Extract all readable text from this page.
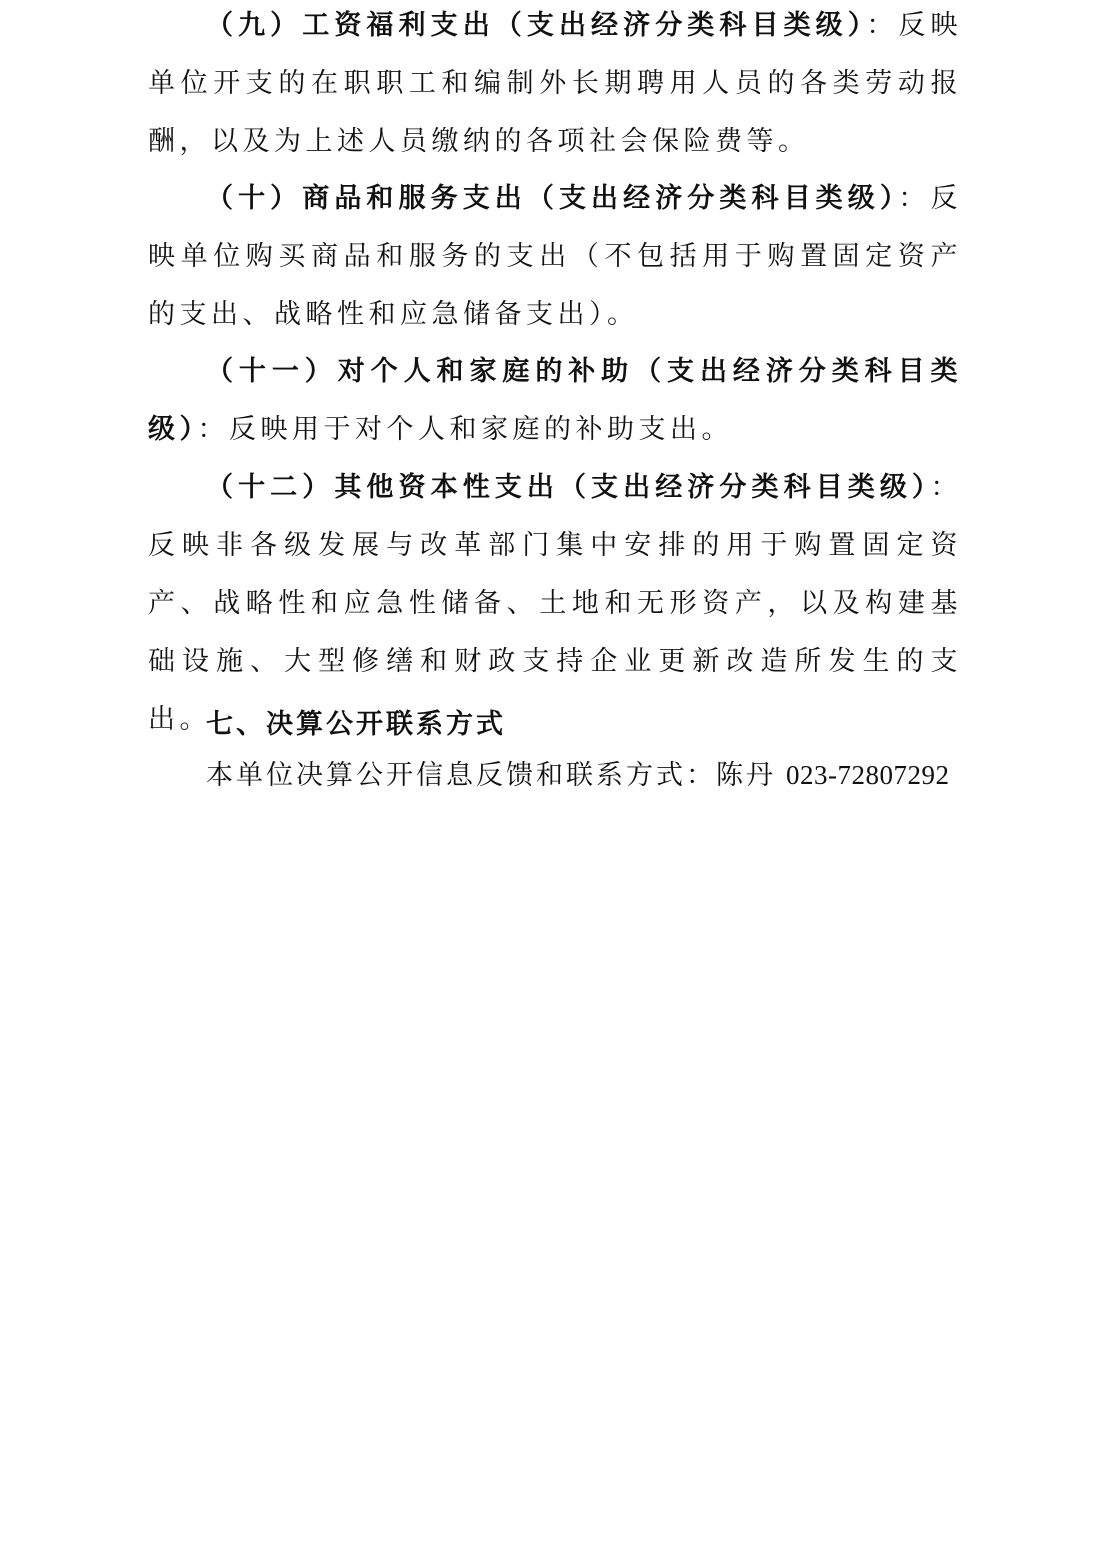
（九）工资福利支出（支出经济分类科目类级）：反映单位开支的在职职工和编制外长期聘用人员的各类劳动报酬，以及为上述人员缴纳的各项社会保险费等。

（十）商品和服务支出（支出经济分类科目类级）：反映单位购买商品和服务的支出（不包括用于购置固定资产的支出、战略性和应急储备支出）。

（十一）对个人和家庭的补助（支出经济分类科目类级）：反映用于对个人和家庭的补助支出。

（十二）其他资本性支出（支出经济分类科目类级）：反映非各级发展与改革部门集中安排的用于购置固定资产、战略性和应急性储备、土地和无形资产，以及构建基础设施、大型修缮和财政支持企业更新改造所发生的支出。

七、决算公开联系方式

本单位决算公开信息反馈和联系方式：陈丹 023-72807292
